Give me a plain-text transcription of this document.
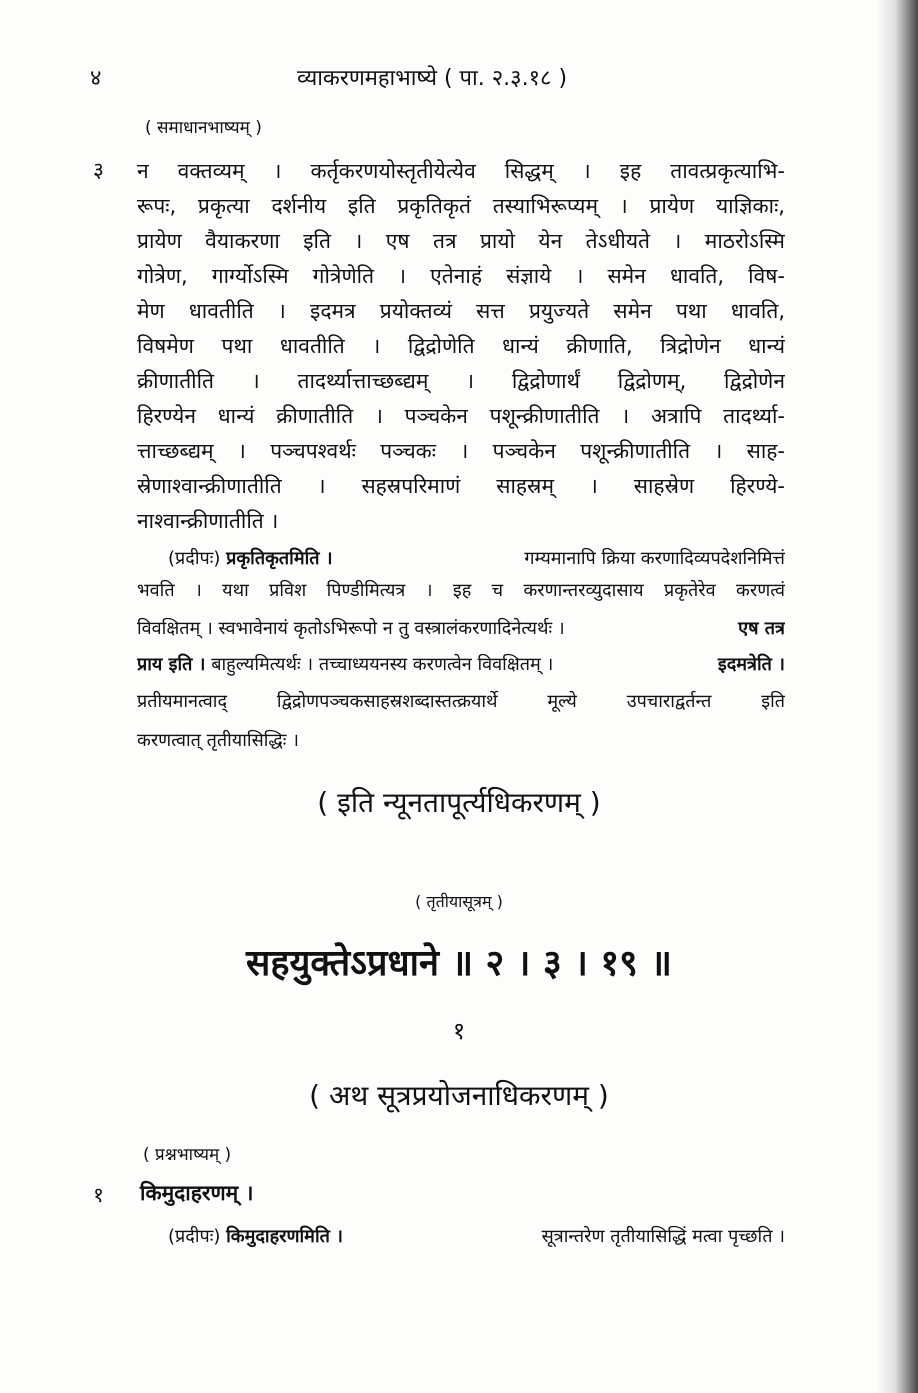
४	व्याकरणमहाभाष्ये ( पा. २.३.१८ )
( समाधानभाष्यम् )
३ न वक्तव्यम् । कर्तृकरणयोस्तृतीयेत्येव सिद्धम् । इह तावत्प्रकृत्याभि-
रूपः, प्रकृत्या दर्शनीय इति प्रकृतिकृतं तस्याभिरूप्यम् । प्रायेण याज्ञिकाः,
प्रायेण वैयाकरणा इति । एष तत्र प्रायो येन तेऽधीयते । माठरोऽस्मि
गोत्रेण, गार्ग्योऽस्मि गोत्रेणेति । एतेनाहं संज्ञाये । समेन धावति, विष-
मेण धावतीति । इदमत्र प्रयोक्तव्यं सत्त प्रयुज्यते समेन पथा धावति,
विषमेण पथा धावतीति । द्विद्रोणेति धान्यं क्रीणाति, त्रिद्रोणेन धान्यं
क्रीणातीति । तादर्थ्यात्ताच्छब्द्यम् । द्विद्रोणार्थं द्विद्रोणम्, द्विद्रोणेन
हिरण्येन धान्यं क्रीणातीति । पञ्चकेन पशून्क्रीणातीति । अत्रापि तादर्थ्या-
त्ताच्छब्द्यम् । पञ्चपश्वर्थः पञ्चकः । पञ्चकेन पशून्क्रीणातीति । साह-
स्रेणाश्वान्क्रीणातीति । सहस्रपरिमाणं साहस्रम् । साहस्रेण हिरण्ये-
नाश्वान्क्रीणातीति ।
(प्रदीपः) प्रकृतिकृतमिति ।	गम्यमानापि क्रिया करणादिव्यपदेशनिमित्तं
भवति । यथा प्रविश पिण्डीमित्यत्र । इह च करणान्तरव्युदासाय प्रकृतेरेव करणत्वं
विवक्षितम् । स्वभावेनायं कृतोऽभिरूपो न तु वस्त्रालंकरणादिनेत्यर्थः ।	एष तत्र
प्राय इति । बाहुल्यमित्यर्थः । तच्चाध्ययनस्य करणत्वेन विवक्षितम् ।	इदमत्रेति ।
प्रतीयमानत्वाद् द्विद्रोणपञ्चकसाहस्रशब्दास्तत्क्रयार्थे मूल्ये उपचाराद्वर्तन्त इति
करणत्वात् तृतीयासिद्धिः ।
( इति न्यूनतापूर्त्यधिकरणम् )
( तृतीयासूत्रम् )
सहयुक्तेऽप्रधाने ॥ २ । ३ । १९ ॥
१
( अथ सूत्रप्रयोजनाधिकरणम् )
( प्रश्नभाष्यम् )
१ किमुदाहरणम् ।
(प्रदीपः) किमुदाहरणमिति ।	सूत्रान्तरेण तृतीयासिद्धिं मत्वा पृच्छति ।
